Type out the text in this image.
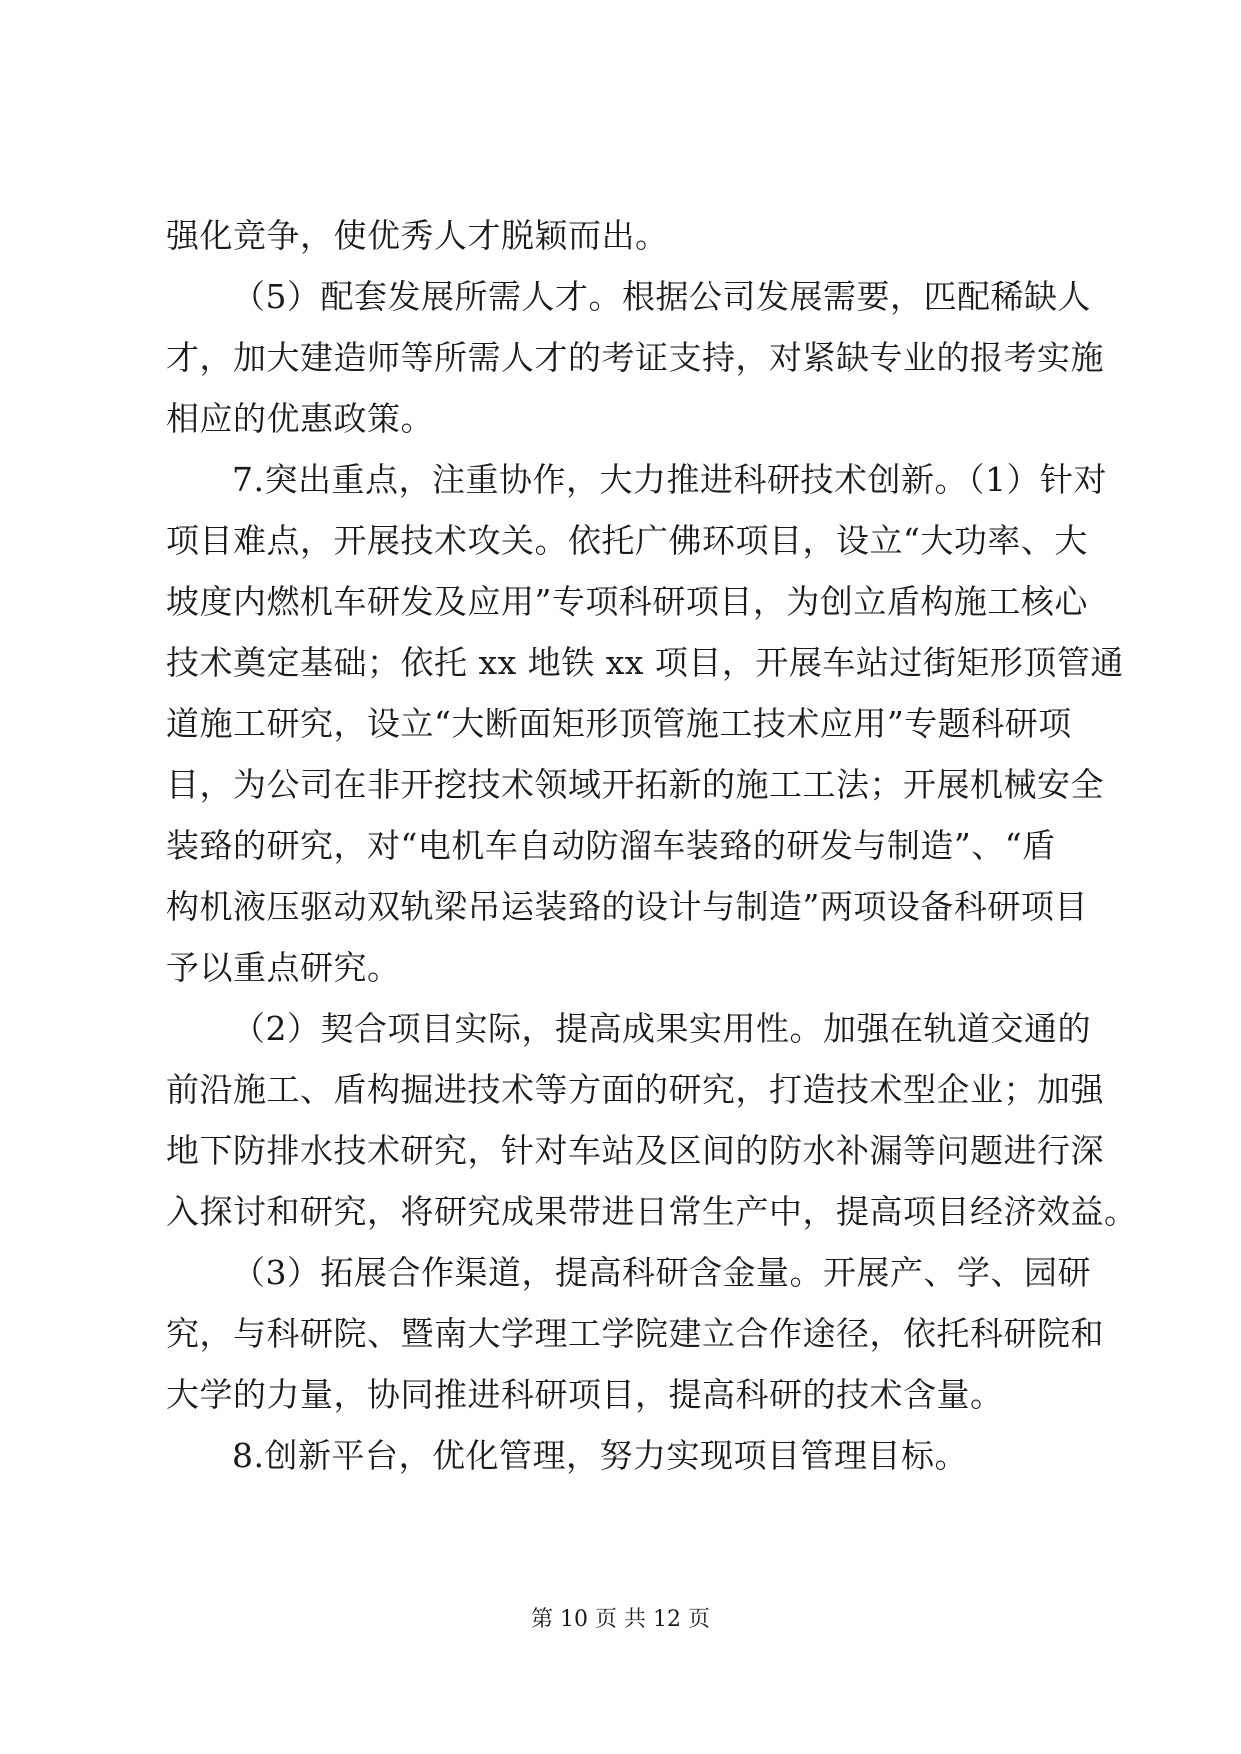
强化竞争，使优秀人才脱颖而出。
（5）配套发展所需人才。根据公司发展需要，匹配稀缺人
才，加大建造师等所需人才的考证支持，对紧缺专业的报考实施
相应的优惠政策。
7.突出重点，注重协作，大力推进科研技术创新。（1）针对
项目难点，开展技术攻关。依托广佛环项目，设立“大功率、大
坡度内燃机车研发及应用”专项科研项目，为创立盾构施工核心
技术奠定基础；依托 xx 地铁 xx 项目，开展车站过街矩形顶管通
道施工研究，设立“大断面矩形顶管施工技术应用”专题科研项
目，为公司在非开挖技术领域开拓新的施工工法；开展机械安全
装臵的研究，对“电机车自动防溜车装臵的研发与制造”、“盾
构机液压驱动双轨梁吊运装臵的设计与制造”两项设备科研项目
予以重点研究。
（2）契合项目实际，提高成果实用性。加强在轨道交通的
前沿施工、盾构掘进技术等方面的研究，打造技术型企业；加强
地下防排水技术研究，针对车站及区间的防水补漏等问题进行深
入探讨和研究，将研究成果带进日常生产中，提高项目经济效益。
（3）拓展合作渠道，提高科研含金量。开展产、学、园研
究，与科研院、暨南大学理工学院建立合作途径，依托科研院和
大学的力量，协同推进科研项目，提高科研的技术含量。
8.创新平台，优化管理，努力实现项目管理目标。
第 10 页 共 12 页
